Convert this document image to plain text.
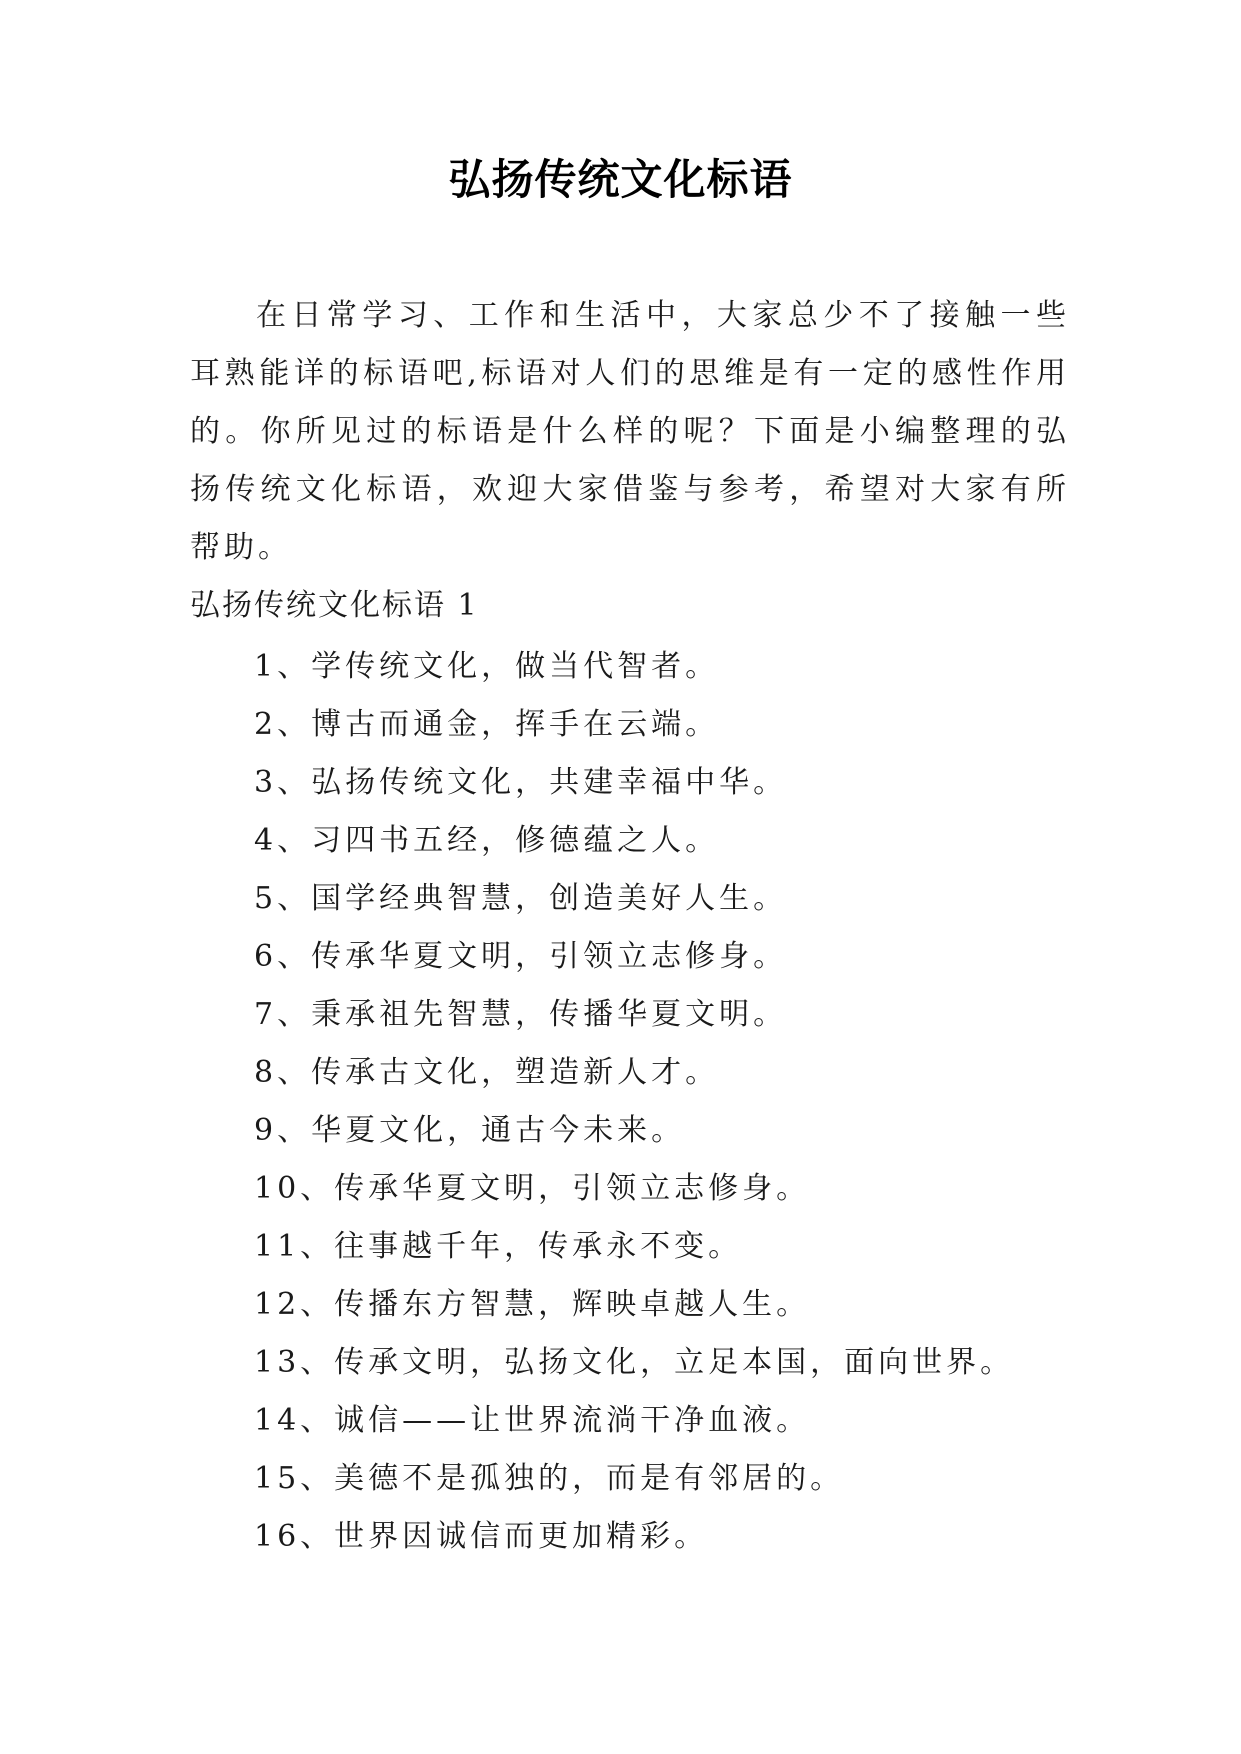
弘扬传统文化标语

在日常学习、工作和生活中，大家总少不了接触一些耳熟能详的标语吧,标语对人们的思维是有一定的感性作用的。你所见过的标语是什么样的呢？下面是小编整理的弘扬传统文化标语，欢迎大家借鉴与参考，希望对大家有所帮助。

弘扬传统文化标语 1

1、学传统文化，做当代智者。
2、博古而通金，挥手在云端。
3、弘扬传统文化，共建幸福中华。
4、习四书五经，修德蕴之人。
5、国学经典智慧，创造美好人生。
6、传承华夏文明，引领立志修身。
7、秉承祖先智慧，传播华夏文明。
8、传承古文化，塑造新人才。
9、华夏文化，通古今未来。
10、传承华夏文明，引领立志修身。
11、往事越千年，传承永不变。
12、传播东方智慧，辉映卓越人生。
13、传承文明，弘扬文化，立足本国，面向世界。
14、诚信——让世界流淌干净血液。
15、美德不是孤独的，而是有邻居的。
16、世界因诚信而更加精彩。
